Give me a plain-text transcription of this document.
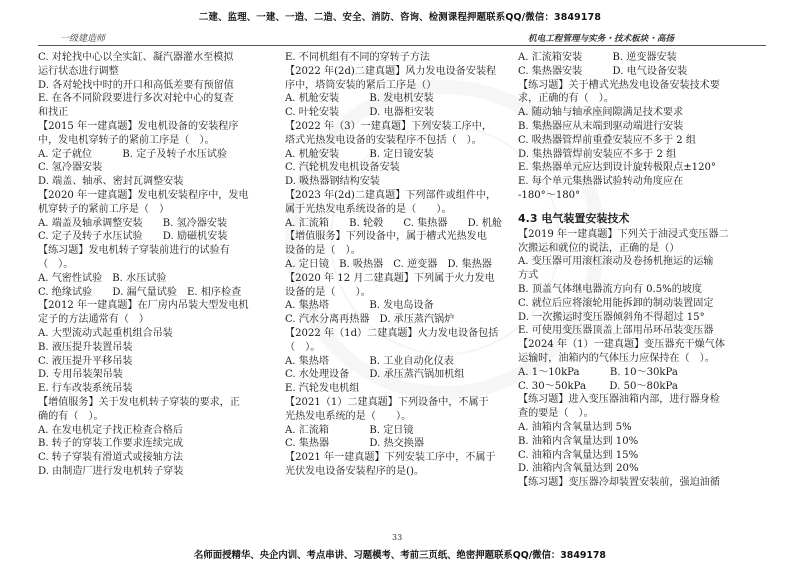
二建、监理、一建、一造、二造、安全、消防、咨询、检测课程押题联系QQ/微信：3849178
一级建造师	机电工程管理与实务・技术板块・高扬
C. 对轮找中心以全实缸、凝汽器灌水至模拟
运行状态进行调整
D. 各对轮找中时的开口和高低差要有预留值
E. 在各不同阶段要进行多次对轮中心的复查
和找正
【2015 年一建真题】发电机设备的安装程序
中，发电机穿转子的紧前工序是（　）。
A. 定子就位　　　B. 定子及转子水压试验
C. 氢冷器安装
D. 端盖、轴承、密封瓦调整安装
【2020 年一建真题】发电机安装程序中，发电
机穿转子的紧前工序是（　）
A. 端盖及轴承调整安装　　B. 氢冷器安装
C. 定子及转子水压试验　　D. 励磁机安装
【练习题】发电机转子穿装前进行的试验有
（　）。
A. 气密性试验　B. 水压试验
C. 绝缘试验　　D. 漏气量试验　E. 相序检查
【2012 年一建真题】在厂房内吊装大型发电机
定子的方法通常有（　）
A. 大型流动式起重机组合吊装
B. 液压提升装置吊装
C. 液压提升平移吊装
D. 专用吊装架吊装
E. 行车改装系统吊装
【增值服务】关于发电机转子穿装的要求，正
确的有（　）。
A. 在发电机定子找正检查合格后
B. 转子的穿装工作要求连续完成
C. 转子穿装有滑道式或接轴方法
D. 由制造厂进行发电机转子穿装
E. 不同机组有不同的穿转子方法
【2022 年(2d)二建真题】风力发电设备安装程
序中，塔筒安装的紧后工序是（）
A. 机舱安装　　　B. 发电机安装
C. 叶轮安装　　　D. 电器柜安装
【2022 年（3）一建真题】下列安装工序中，
塔式光热发电设备的安装程序不包括（　）。
A. 机舱安装　　　B. 定日镜安装
C. 汽轮机发电机设备安装
D. 吸热器钢结构安装
【2023 年(2d)二建真题】下列部件或组件中，
属于光热发电系统设备的是（　　）。
A. 汇流箱　　B. 轮毂　　C. 集热器　　D. 机舱
【增值服务】下列设备中，属于槽式光热发电
设备的是（　）。
A. 定日镜　B. 吸热器　C. 逆变器　D. 集热器
【2020 年 12 月二建真题】下列属于火力发电
设备的是（　　）。
A. 集热塔　　　　B. 发电岛设备
C. 汽水分离再热器　D. 承压蒸汽锅炉
【2022 年（1d）二建真题】火力发电设备包括
（　）。
A. 集热塔　　　　B. 工业自动化仪表
C. 水处理设备　　D. 承压蒸汽锅加机组
E. 汽轮发电机组
【2021（1）二建真题】下列设备中，不属于
光热发电系统的是（　　）。
A. 汇流箱　　　　B. 定日镜
C. 集热器　　　　D. 热交换器
【2021 年一建真题】下列安装工序中，不属于
光伏发电设备安装程序的是()。
A. 汇流箱安装　　　B. 逆变器安装
C. 集热器安装　　　D. 电气设备安装
【练习题】关于槽式光热发电设备安装技术要
求，正确的有（　）。
A. 随动轴与轴承座间隙满足技术要求
B. 集热器应从末端到驱动端进行安装
C. 吸热器管焊前重叠安装应不多于 2 组
D. 集热器管焊前安装应不多于 2 组
E. 集热器单元应达到设计旋转极限点±120°
E. 每个单元集热器试验转动角度应在
-180°～180°
4.3 电气装置安装技术
【2019 年一建真题】下列关于油浸式变压器二
次搬运和就位的说法，正确的是（）
A. 变压器可用滚杠滚动及卷扬机拖运的运输
方式
B. 顶盖气体继电器流方向有 0.5%的坡度
C. 就位后应将滚轮用能拆卸的制动装置固定
D. 一次搬运时变压器倾斜角不得超过 15°
E. 可使用变压器顶盖上部用吊环吊装变压器
【2024 年（1）一建真题】变压器充干燥气体
运输时，油箱内的气体压力应保持在（　）。
A. 1～10kPa　　　B. 10～30kPa
C. 30～50kPa　　 D. 50～80kPa
【练习题】进入变压器油箱内部，进行器身检
查的要是（　）。
A. 油箱内含氧量达到 5%
B. 油箱内含氧量达到 10%
C. 油箱内含氧量达到 15%
D. 油箱内含氧量达到 20%
【练习题】变压器冷却装置安装前，强迫油循
33
名师面授精华、央企内训、考点串讲、习题模考、考前三页纸、绝密押题联系QQ/微信：3849178
